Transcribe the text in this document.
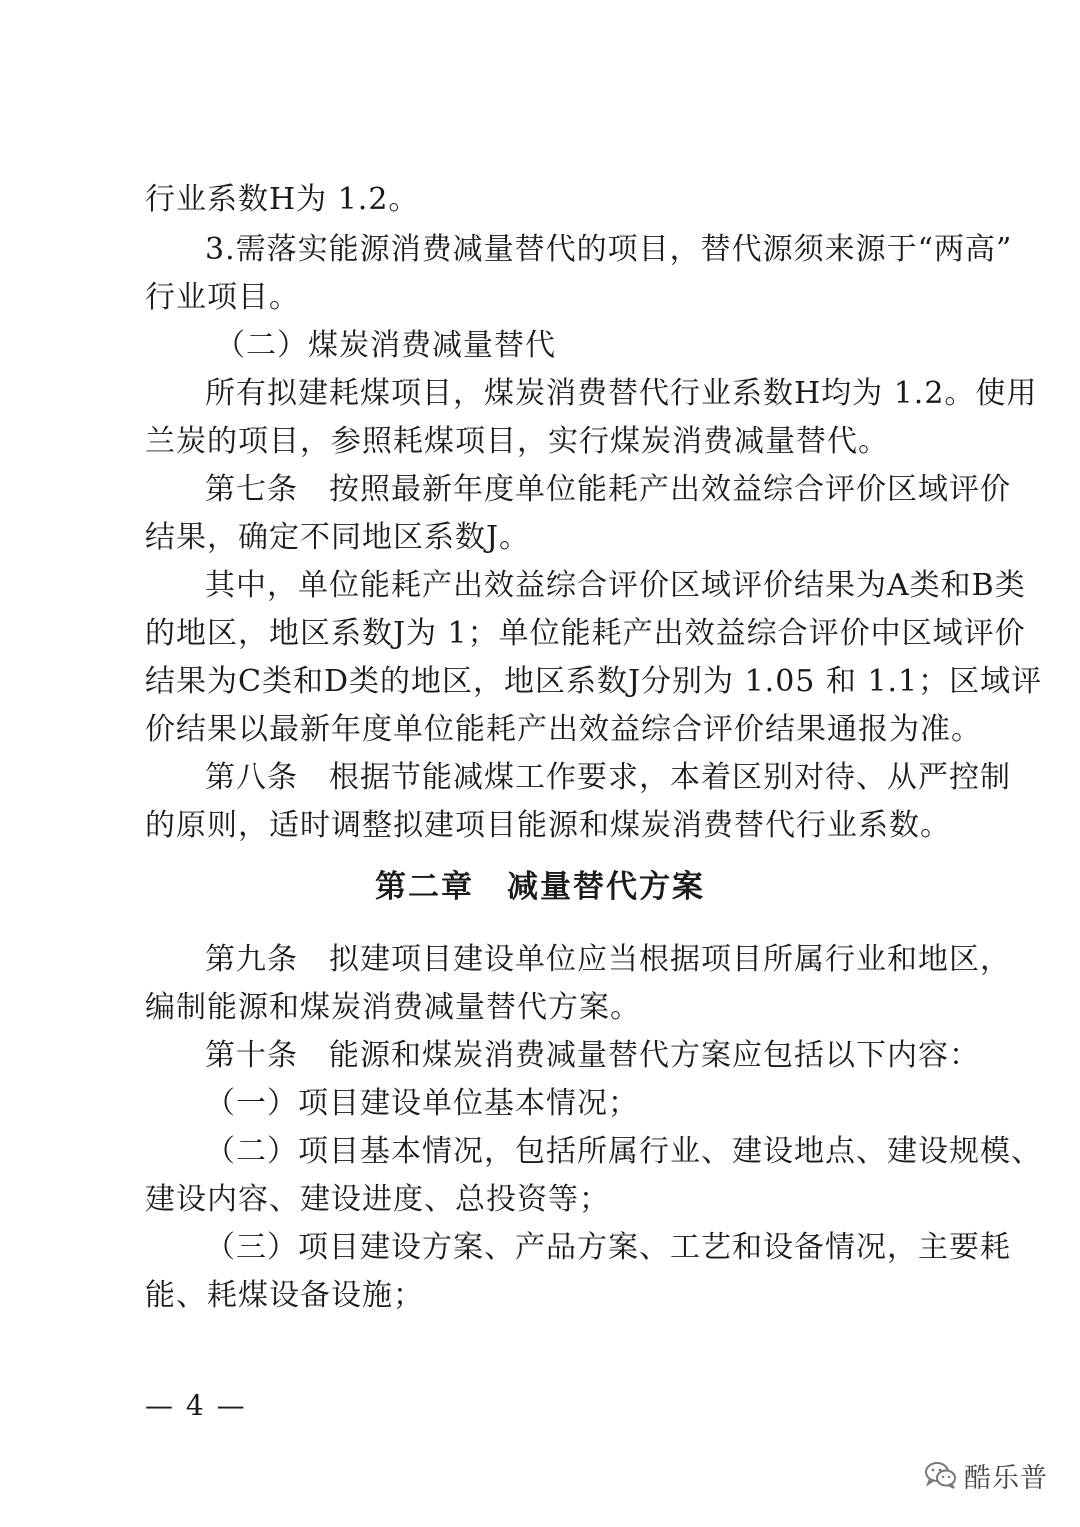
行业系数H为 1.2。
3.需落实能源消费减量替代的项目，替代源须来源于“两高”
行业项目。
（二）煤炭消费减量替代
所有拟建耗煤项目，煤炭消费替代行业系数H均为 1.2。使用
兰炭的项目，参照耗煤项目，实行煤炭消费减量替代。
第七条　按照最新年度单位能耗产出效益综合评价区域评价
结果，确定不同地区系数J。
其中，单位能耗产出效益综合评价区域评价结果为A类和B类
的地区，地区系数J为 1；单位能耗产出效益综合评价中区域评价
结果为C类和D类的地区，地区系数J分别为 1.05 和 1.1；区域评
价结果以最新年度单位能耗产出效益综合评价结果通报为准。
第八条　根据节能减煤工作要求，本着区别对待、从严控制
的原则，适时调整拟建项目能源和煤炭消费替代行业系数。
第二章　减量替代方案
第九条　拟建项目建设单位应当根据项目所属行业和地区，
编制能源和煤炭消费减量替代方案。
第十条　能源和煤炭消费减量替代方案应包括以下内容：
（一）项目建设单位基本情况；
（二）项目基本情况，包括所属行业、建设地点、建设规模、
建设内容、建设进度、总投资等；
（三）项目建设方案、产品方案、工艺和设备情况，主要耗
能、耗煤设备设施；
— 4 —
酷乐普
